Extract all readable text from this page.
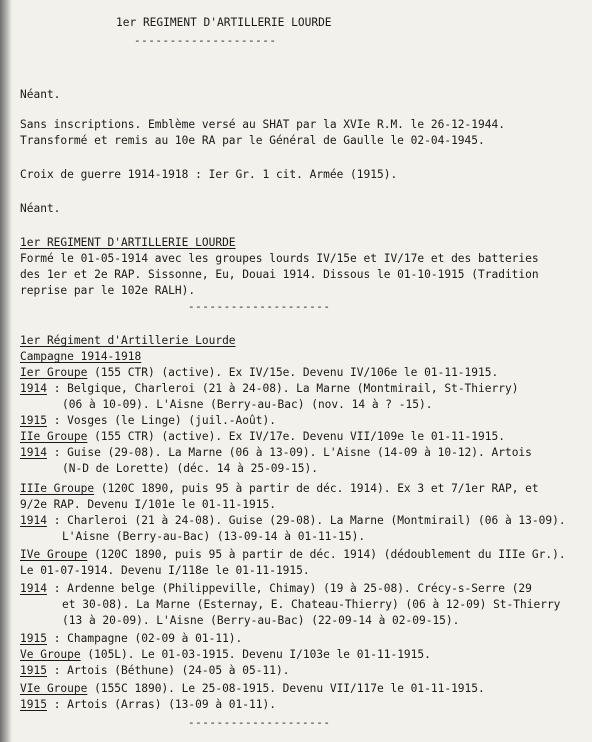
1er REGIMENT D'ARTILLERIE LOURDE
--------------------
Néant.
Sans inscriptions. Emblème versé au SHAT par la XVIe R.M. le 26-12-1944.
Transformé et remis au 10e RA par le Général de Gaulle le 02-04-1945.
Croix de guerre 1914-1918 : Ier Gr. 1 cit. Armée (1915).
Néant.
1er REGIMENT D'ARTILLERIE LOURDE
Formé le 01-05-1914 avec les groupes lourds IV/15e et IV/17e et des batteries
des 1er et 2e RAP. Sissonne, Eu, Douai 1914. Dissous le 01-10-1915 (Tradition
reprise par le 102e RALH).
--------------------
1er Régiment d'Artillerie Lourde
Campagne 1914-1918
Ier Groupe (155 CTR) (active). Ex IV/15e. Devenu IV/106e le 01-11-1915.
1914 : Belgique, Charleroi (21 à 24-08). La Marne (Montmirail, St-Thierry)
(06 à 10-09). L'Aisne (Berry-au-Bac) (nov. 14 à ? -15).
1915 : Vosges (le Linge) (juil.-Août).
IIe Groupe (155 CTR) (active). Ex IV/17e. Devenu VII/109e le 01-11-1915.
1914 : Guise (29-08). La Marne (06 à 13-09). L'Aisne (14-09 à 10-12). Artois
(N-D de Lorette) (déc. 14 à 25-09-15).
IIIe Groupe (120C 1890, puis 95 à partir de déc. 1914). Ex 3 et 7/1er RAP, et
9/2e RAP. Devenu I/101e le 01-11-1915.
1914 : Charleroi (21 à 24-08). Guise (29-08). La Marne (Montmirail) (06 à 13-09).
L'Aisne (Berry-au-Bac) (13-09-14 à 01-11-15).
IVe Groupe (120C 1890, puis 95 à partir de déc. 1914) (dédoublement du IIIe Gr.).
Le 01-07-1914. Devenu I/118e le 01-11-1915.
1914 : Ardenne belge (Philippeville, Chimay) (19 à 25-08). Crécy-s-Serre (29
et 30-08). La Marne (Esternay, E. Chateau-Thierry) (06 à 12-09) St-Thierry
(13 à 20-09). L'Aisne (Berry-au-Bac) (22-09-14 à 02-09-15).
1915 : Champagne (02-09 à 01-11).
Ve Groupe (105L). Le 01-03-1915. Devenu I/103e le 01-11-1915.
1915 : Artois (Béthune) (24-05 à 05-11).
VIe Groupe (155C 1890). Le 25-08-1915. Devenu VII/117e le 01-11-1915.
1915 : Artois (Arras) (13-09 à 01-11).
--------------------
